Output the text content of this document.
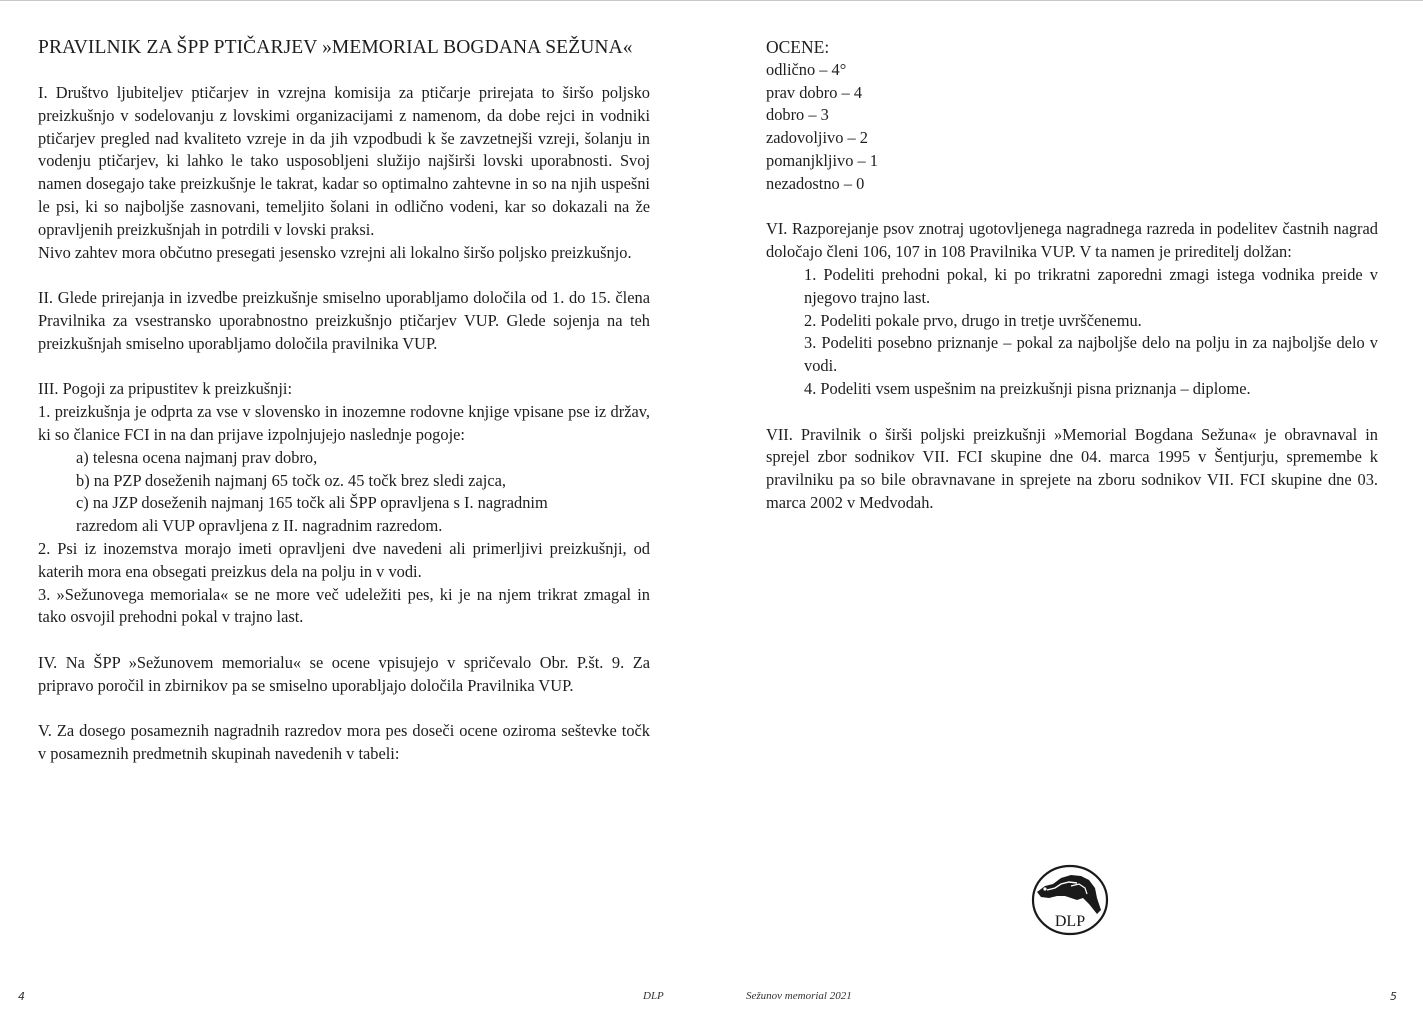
PRAVILNIK ZA ŠPP PTIČARJEV »MEMORIAL BOGDANA SEŽUNA«

I. Društvo ljubiteljev ptičarjev in vzrejna komisija za ptičarje prirejata to širšo poljsko preizkušnjo v sodelovanju z lovskimi organizacijami z namenom, da dobe rejci in vodniki ptičarjev pregled nad kvaliteto vzreje in da jih vzpodbudi k še zavzetnejši vzreji, šolanju in vodenju ptičarjev, ki lahko le tako usposobljeni služijo najširši lovski uporabnosti. Svoj namen dosegajo take preizkušnje le takrat, kadar so optimalno zahtevne in so na njih uspešni le psi, ki so najboljše zasnovani, temeljito šolani in odlično vodeni, kar so dokazali na že opravljenih preizkušnjah in potrdili v lovski praksi.

Nivo zahtev mora občutno presegati jesensko vzrejni ali lokalno širšo poljsko preizkušnjo.

II. Glede prirejanja in izvedbe preizkušnje smiselno uporabljamo določila od 1. do 15. člena Pravilnika za vsestransko uporabnostno preizkušnjo ptičarjev VUP. Glede sojenja na teh preizkušnjah smiselno uporabljamo določila pravilnika VUP.

III. Pogoji za pripustitev k preizkušnji:

1. preizkušnja je odprta za vse v slovensko in inozemne rodovne knjige vpisane pse iz držav, ki so članice FCI in na dan prijave izpolnjujejo naslednje pogoje:

a) telesna ocena najmanj prav dobro,
b) na PZP doseženih najmanj 65 točk oz. 45 točk brez sledi zajca,
c) na JZP doseženih najmanj 165 točk ali ŠPP opravljena s I. nagradnim razredom ali VUP opravljena z II. nagradnim razredom.

2. Psi iz inozemstva morajo imeti opravljeni dve navedeni ali primerljivi preizkušnji, od katerih mora ena obsegati preizkus dela na polju in v vodi.

3. »Sežunovega memoriala« se ne more več udeležiti pes, ki je na njem trikrat zmagal in tako osvojil prehodni pokal v trajno last.

IV. Na ŠPP »Sežunovem memorialu« se ocene vpisujejo v spričevalo Obr. P.št. 9. Za pripravo poročil in zbirnikov pa se smiselno uporabljajo določila Pravilnika VUP.

V. Za dosego posameznih nagradnih razredov mora pes doseči ocene oziroma seštevke točk v posameznih predmetnih skupinah navedenih v tabeli:

OCENE:
odlično – 4°
prav dobro – 4
dobro – 3
zadovoljivo – 2
pomanjkljivo – 1
nezadostno – 0

VI. Razporejanje psov znotraj ugotovljenega nagradnega razreda in podelitev častnih nagrad določajo členi 106, 107 in 108 Pravilnika VUP. V ta namen je prireditelj dolžan:

1. Podeliti prehodni pokal, ki po trikratni zaporedni zmagi istega vodnika preide v njegovo trajno last.
2. Podeliti pokale prvo, drugo in tretje uvrščenemu.
3. Podeliti posebno priznanje – pokal za najboljše delo na polju in za najboljše delo v vodi.
4. Podeliti vsem uspešnim na preizkušnji pisna priznanja – diplome.

VII. Pravilnik o širši poljski preizkušnji »Memorial Bogdana Sežuna« je obravnaval in sprejel zbor sodnikov VII. FCI skupine dne 04. marca 1995 v Šentjurju, spremembe k pravilniku pa so bile obravnavane in sprejete na zboru sodnikov VII. FCI skupine dne 03. marca 2002 v Medvodah.

DLP
4	DLP	Sežunov memorial 2021	5
